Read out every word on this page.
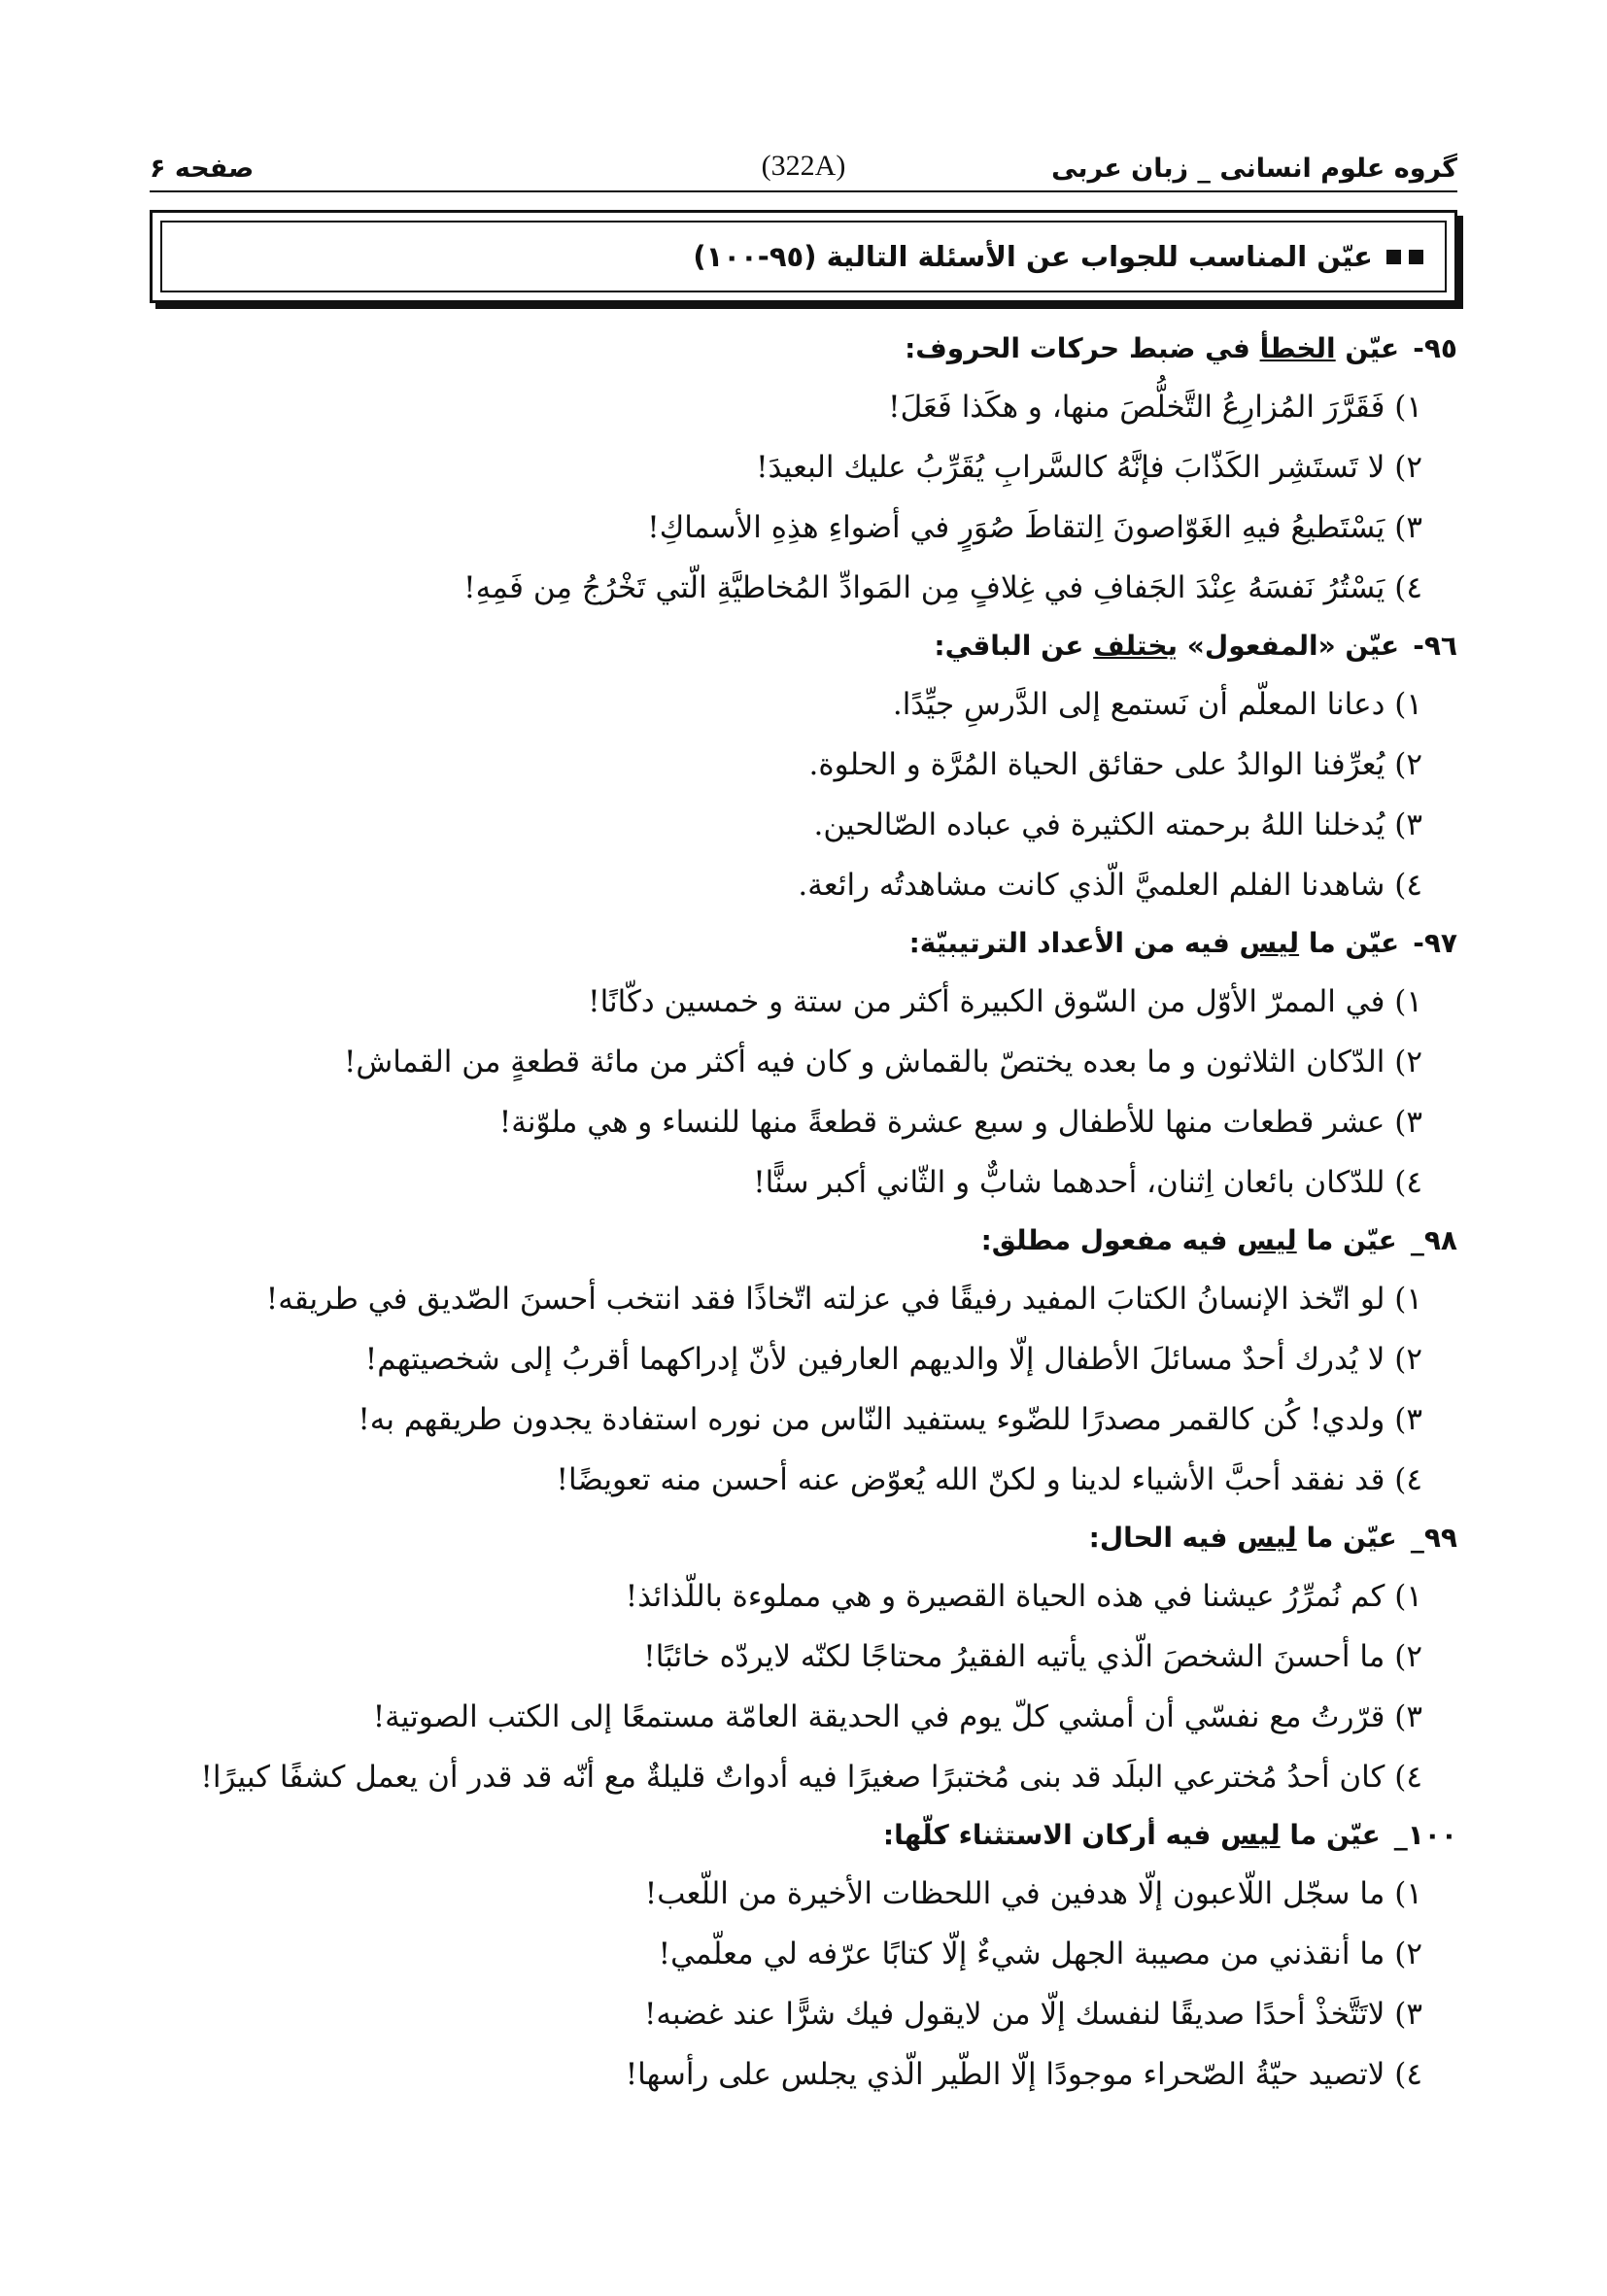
گروه علوم انسانی _ زبان عربی
(322A)
صفحه ۶
عيّن المناسب للجواب عن الأسئلة التالية (٩٥-١٠٠)
٩٥-عيّن الخطأ في ضبط حركات الحروف:
١) فَقَرَّرَ المُزارِعُ التَّخلُّصَ منها، و هكَذا فَعَلَ!
٢) لا تَستَشِر الكَذّابَ فإنَّهُ كالسَّرابِ يُقَرِّبُ عليك البعيدَ!
٣) يَسْتَطيعُ فيهِ الغَوّاصونَ اِلتقاطَ صُوَرٍ في أضواءِ هذِهِ الأسماكِ!
٤) يَسْتُرُ نَفسَهُ عِنْدَ الجَفافِ في غِلافٍ مِن المَوادِّ المُخاطيَّةِ الّتي تَخْرُجُ مِن فَمِهِ!
٩٦-عيّن «المفعول» يختلف عن الباقي:
١) دعانا المعلّم أن نَستمع إلى الدَّرسِ جيِّدًا.
٢) يُعرِّفنا الوالدُ على حقائق الحياة المُرَّة و الحلوة.
٣) يُدخلنا اللهُ برحمته الكثيرة في عباده الصّالحين.
٤) شاهدنا الفلم العلميَّ الّذي كانت مشاهدتُه رائعة.
٩٧-عيّن ما ليس فيه من الأعداد الترتيبيّة:
١) في الممرّ الأوّل من السّوق الكبيرة أكثر من ستة و خمسين دكّانًا!
٢) الدّكان الثلاثون و ما بعده يختصّ بالقماش و كان فيه أكثر من مائة قطعةٍ من القماش!
٣) عشر قطعات منها للأطفال و سبع عشرة قطعةً منها للنساء و هي ملوّنة!
٤) للدّكان بائعان اِثنان، أحدهما شابٌّ و الثّاني أكبر سنًّا!
٩٨_عيّن ما ليس فيه مفعول مطلق:
١) لو اتّخذ الإنسانُ الكتابَ المفيد رفيقًا في عزلته اتّخاذًا فقد انتخب أحسنَ الصّديق في طريقه!
٢) لا يُدرك أحدٌ مسائلَ الأطفال إلّا والديهم العارفين لأنّ إدراكهما أقربُ إلى شخصيتهم!
٣) ولدي! كُن كالقمر مصدرًا للضّوء يستفيد النّاس من نوره استفادة يجدون طريقهم به!
٤) قد نفقد أحبَّ الأشياء لدينا و لكنّ الله يُعوّض عنه أحسن منه تعويضًا!
٩٩_عيّن ما ليس فيه الحال:
١) كم نُمرِّرُ عيشنا في هذه الحياة القصيرة و هي مملوءة باللّذائذ!
٢) ما أحسنَ الشخصَ الّذي يأتيه الفقيرُ محتاجًا لكنّه لايردّه خائبًا!
٣) قرّرتُ مع نفسّي أن أمشي كلّ يوم في الحديقة العامّة مستمعًا إلى الكتب الصوتية!
٤) كان أحدُ مُخترعي البلَد قد بنى مُختبرًا صغيرًا فيه أدواتٌ قليلةٌ مع أنّه قد قدر أن يعمل كشفًا كبيرًا!
١٠٠_عيّن ما ليس فيه أركان الاستثناء كلّها:
١) ما سجّل اللّاعبون إلّا هدفين في اللحظات الأخيرة من اللّعب!
٢) ما أنقذني من مصيبة الجهل شيءٌ إلّا كتابًا عرّفه لي معلّمي!
٣) لاتَتَّخذْ أحدًا صديقًا لنفسك إلّا من لايقول فيك شرًّا عند غضبه!
٤) لاتصيد حيّةُ الصّحراء موجودًا إلّا الطّير الّذي يجلس على رأسها!
